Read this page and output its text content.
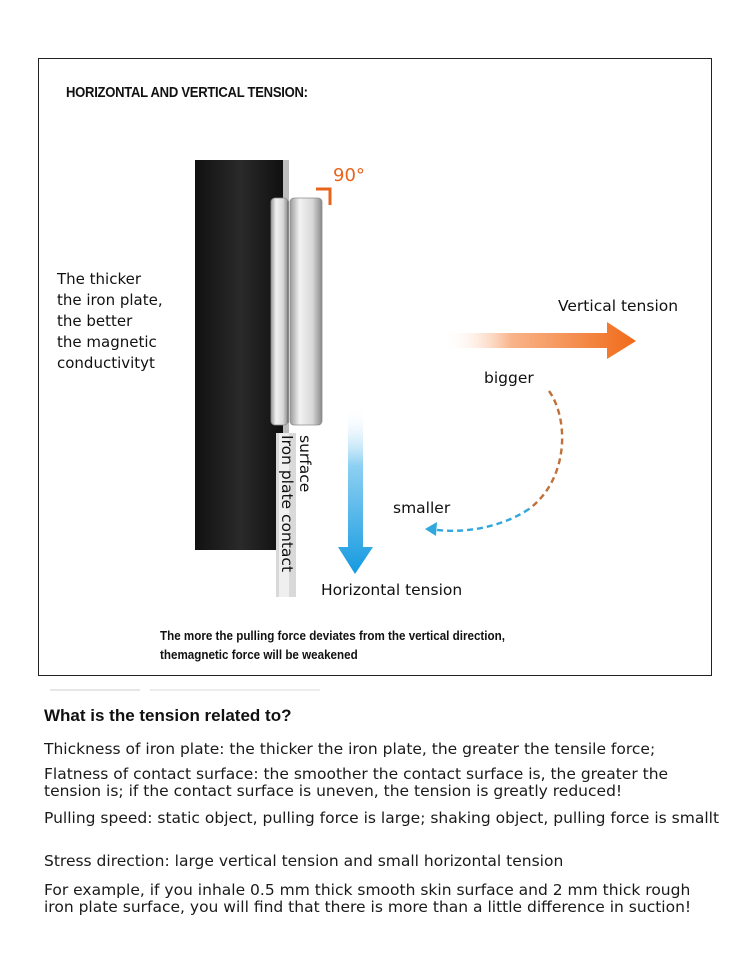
HORIZONTAL AND VERTICAL TENSION:
90°
The thicker
the iron plate,
the better
the magnetic
conductivityt
Vertical tension
bigger
smaller
Horizontal tension
surface
Iron plate contact
The more the pulling force deviates from the vertical direction,
themagnetic force will be weakened
What is the tension related to?
Thickness of iron plate: the thicker the iron plate, the greater the tensile force;
Flatness of contact surface: the smoother the contact surface is, the greater the tension is; if the contact surface is uneven, the tension is greatly reduced!
Pulling speed: static object, pulling force is large; shaking object, pulling force is smallt
Stress direction: large vertical tension and small horizontal tension
For example, if you inhale 0.5 mm thick smooth skin surface and 2 mm thick rough iron plate surface, you will find that there is more than a little difference in suction!
